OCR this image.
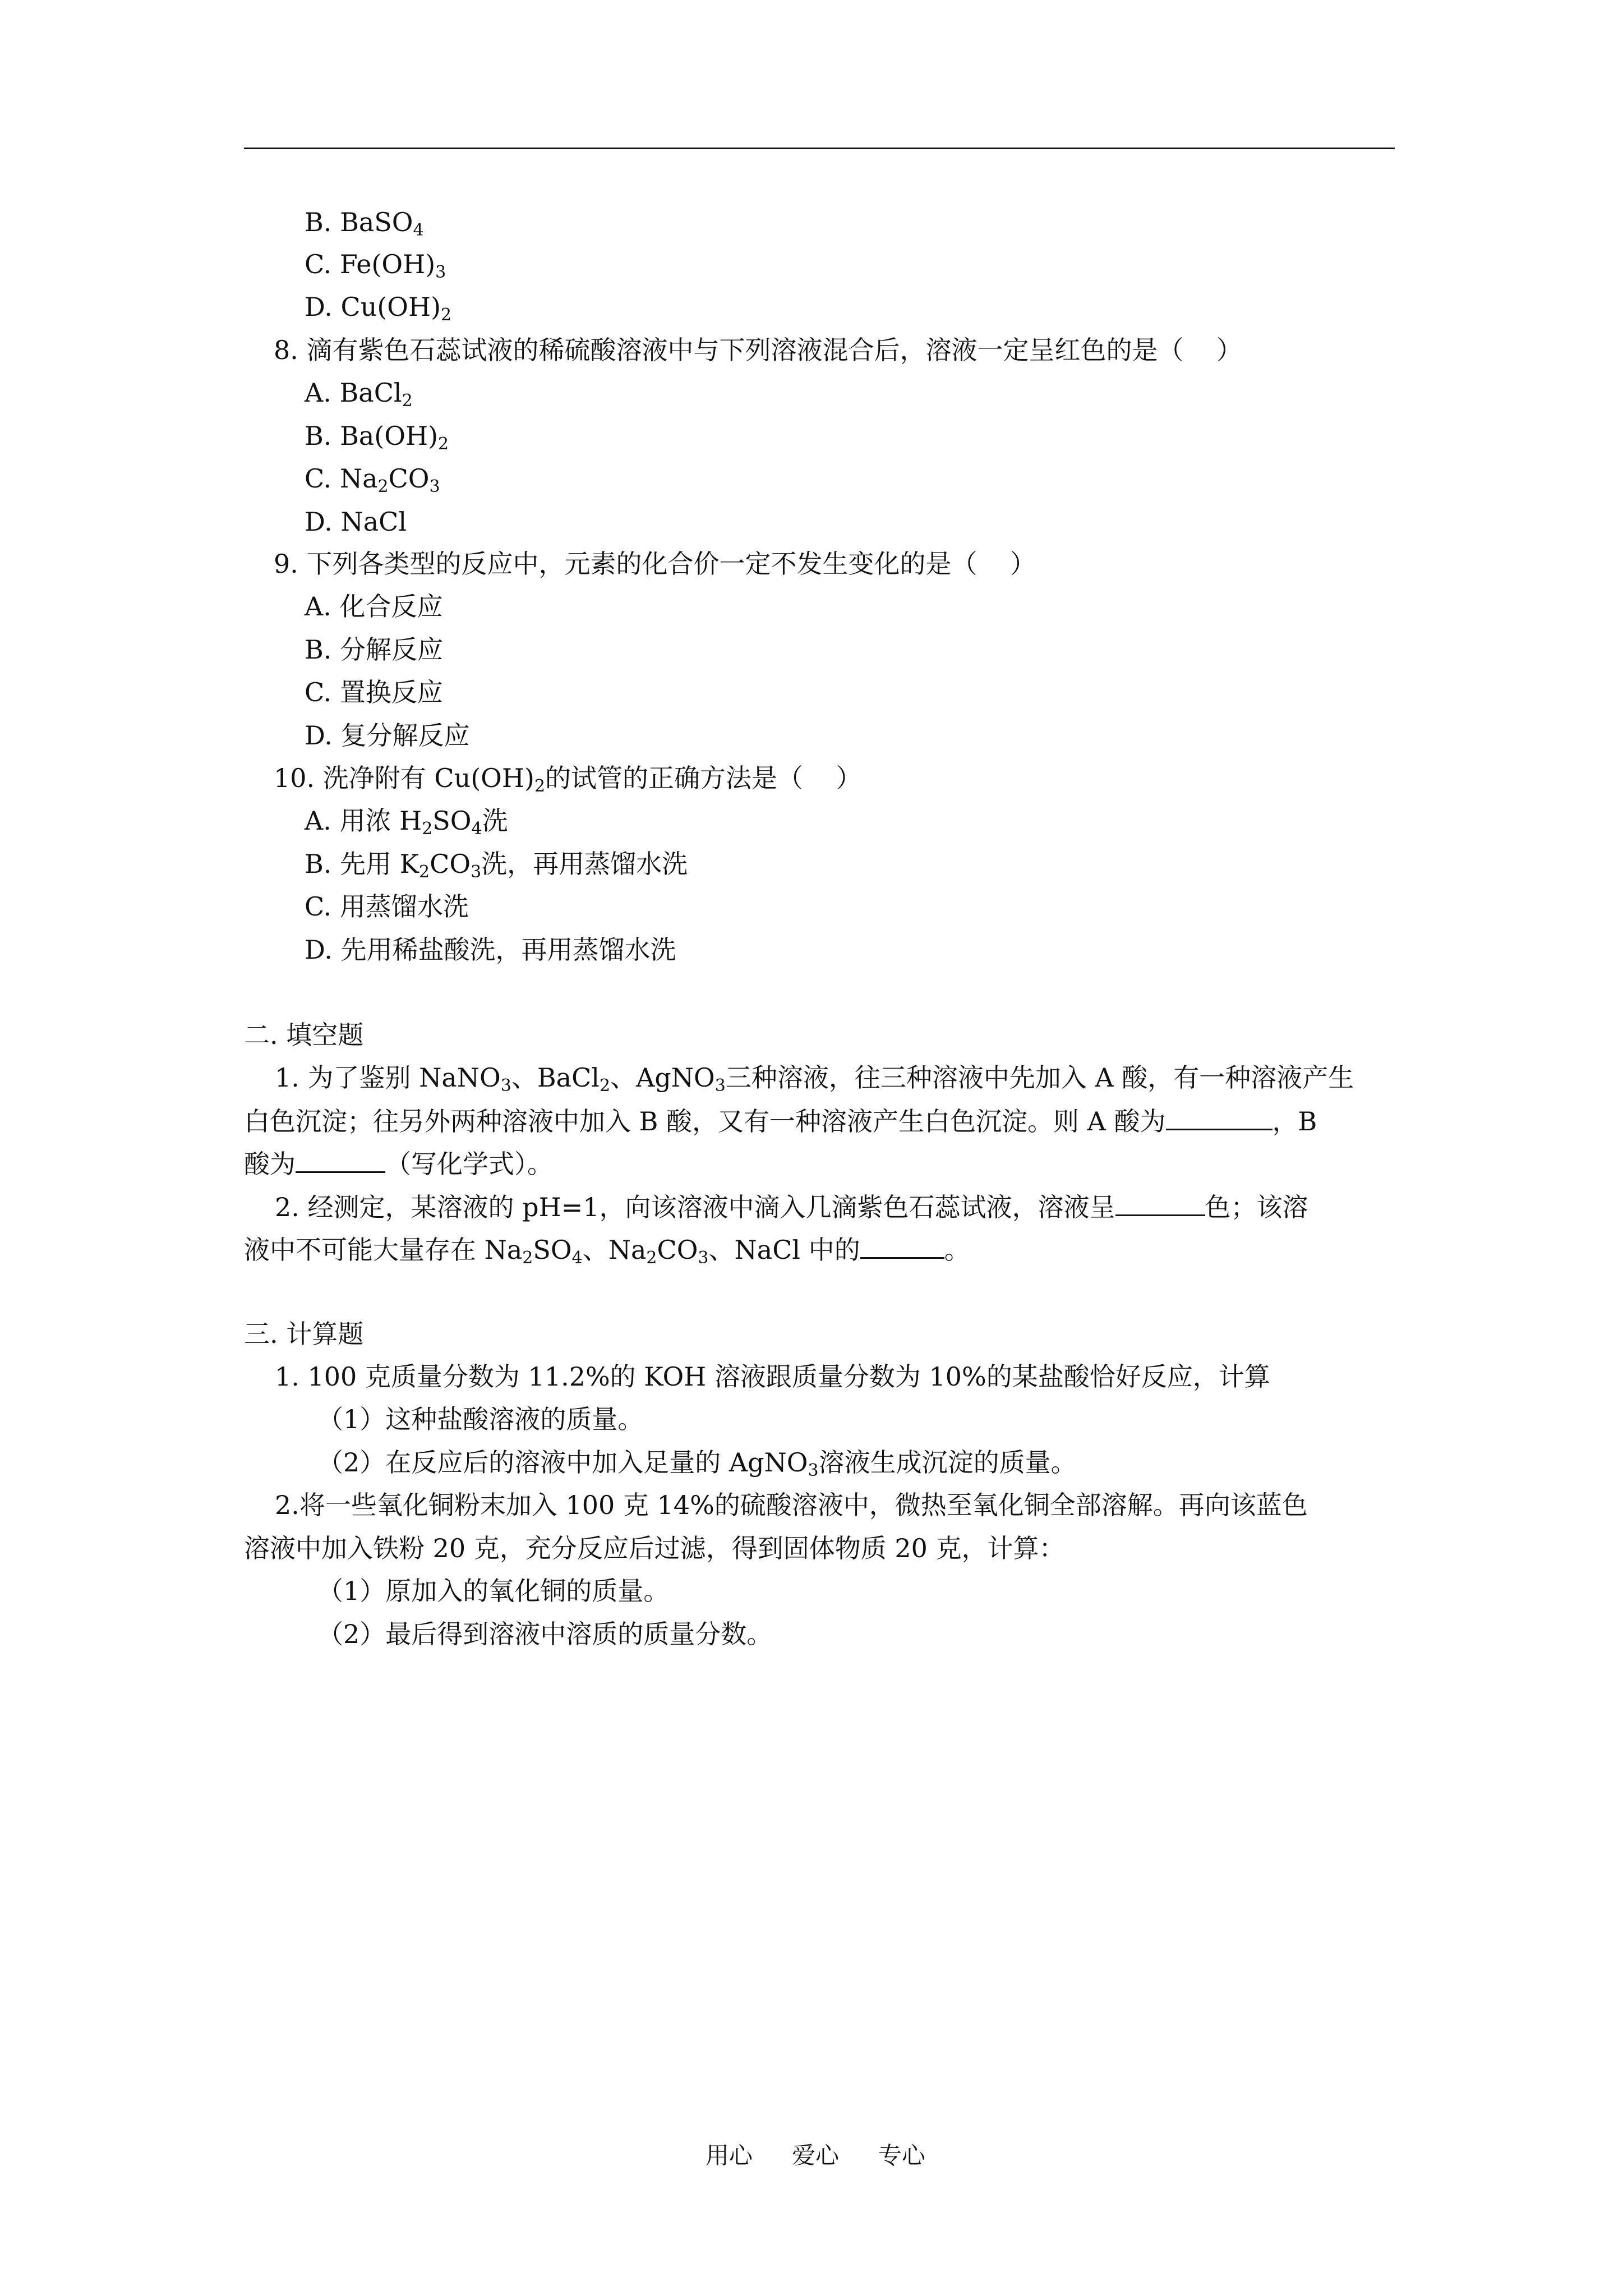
B. BaSO$_4$
C. $Fe(OH)_3$
D. $Cu(OH)_2$
8. 滴有紫色石蕊试液的稀硫酸溶液中与下列溶液混合后，溶液一定呈红色的是（    ）
A. BaCl$_2$
B. $Ba(OH)_2$
C. $Na_2CO_3$
D. NaCl
9. 下列各类型的反应中，元素的化合价一定不发生变化的是（    ）
A. 化合反应
B. 分解反应
C. 置换反应
D. 复分解反应
10. 洗净附有 $Cu(OH)_2$的试管的正确方法是（    ）
A. 用浓 $H_2SO_4$洗
B. 先用 $K_2CO_3$洗，再用蒸馏水洗
C. 用蒸馏水洗
D. 先用稀盐酸洗，再用蒸馏水洗
二. 填空题
1. 为了鉴别 NaNO$_3$、BaCl$_2$、AgNO$_3$三种溶液，往三种溶液中先加入 A 酸，有一种溶液产生
白色沉淀；往另外两种溶液中加入 B 酸，又有一种溶液产生白色沉淀。则 A 酸为	，B
酸为	（写化学式）。
2. 经测定，某溶液的 pH=1，向该溶液中滴入几滴紫色石蕊试液，溶液呈	色；该溶
液中不可能大量存在 $Na_2SO_4$、$Na_2CO_3$、NaCl 中的	。
三. 计算题
1. 100 克质量分数为 11.2%的 KOH 溶液跟质量分数为 10%的某盐酸恰好反应，计算
（1）这种盐酸溶液的质量。
（2）在反应后的溶液中加入足量的 AgNO$_3$溶液生成沉淀的质量。
2.将一些氧化铜粉末加入 100 克 14%的硫酸溶液中，微热至氧化铜全部溶解。再向该蓝色
溶液中加入铁粉 20 克，充分反应后过滤，得到固体物质 20 克，计算：
（1）原加入的氧化铜的质量。
（2）最后得到溶液中溶质的质量分数。
用心 爱心 专心
